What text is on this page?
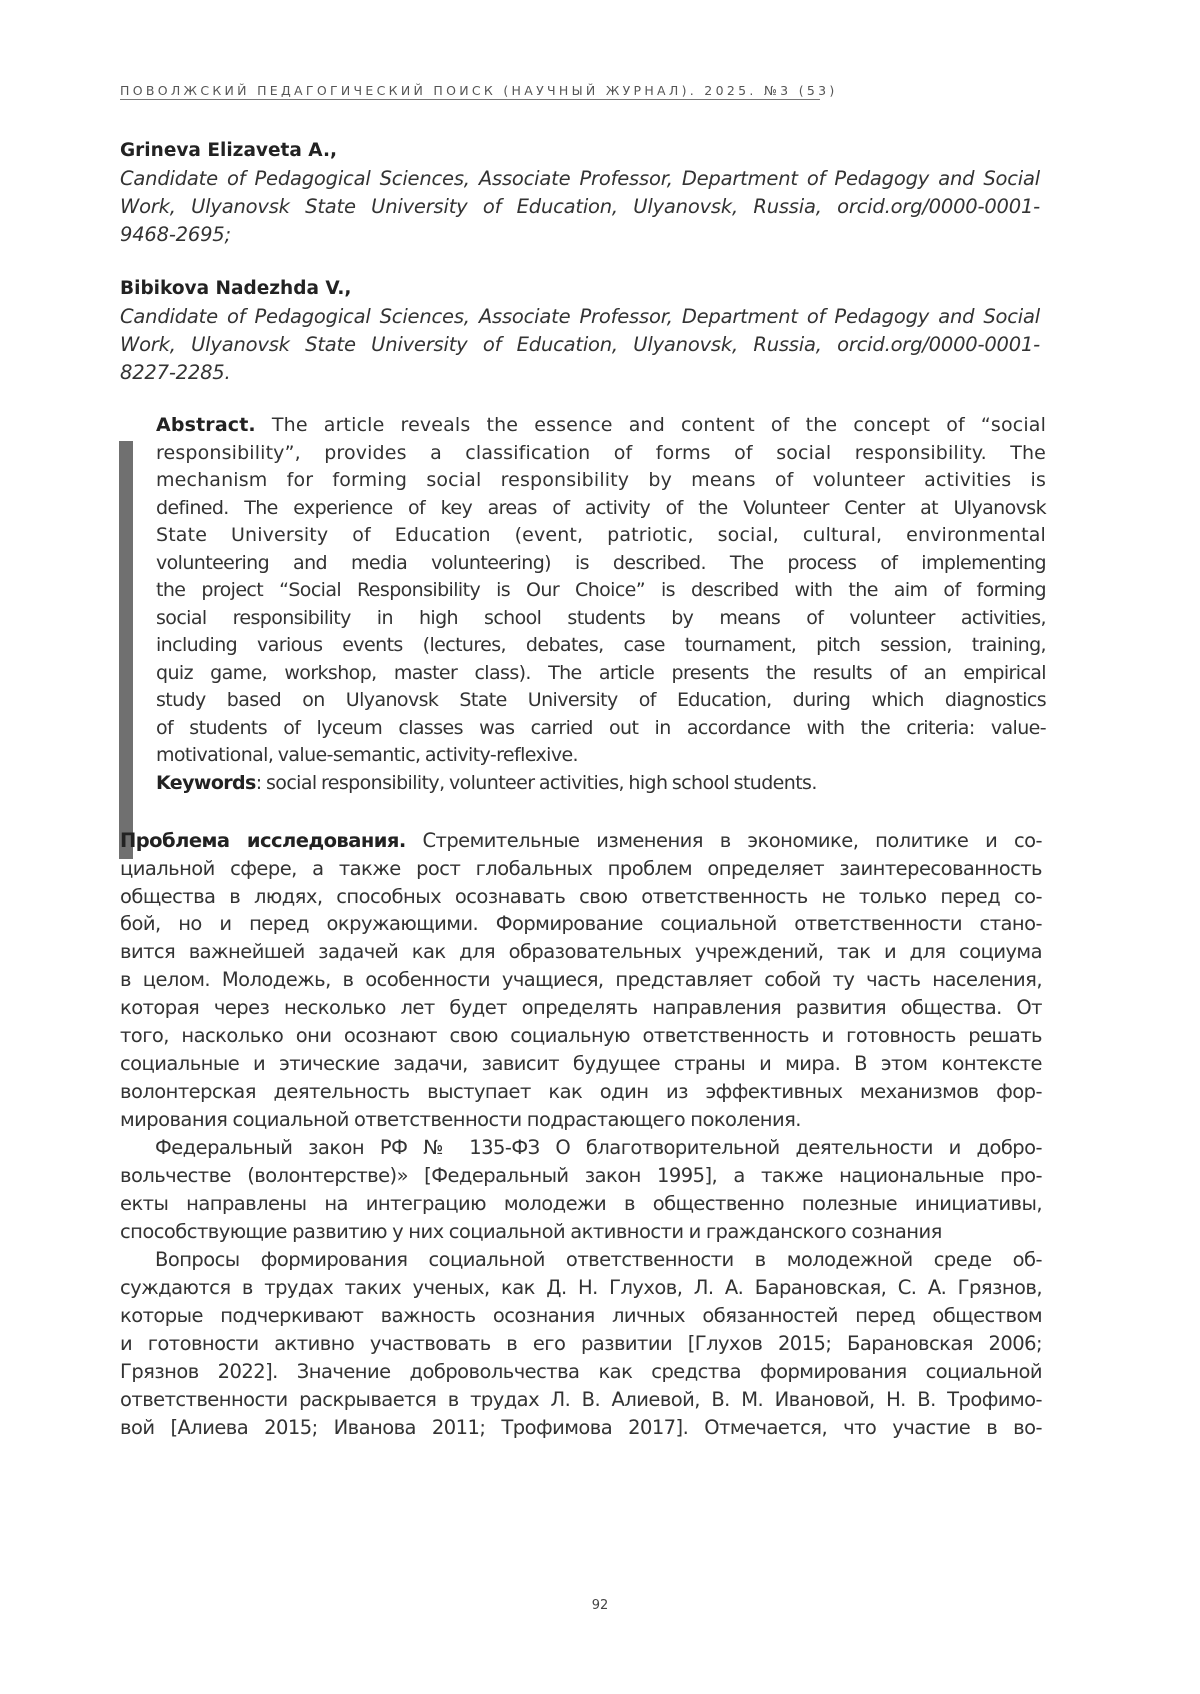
ПОВОЛЖСКИЙ ПЕДАГОГИЧЕСКИЙ ПОИСК (НАУЧНЫЙ ЖУРНАЛ). 2025. №3 (53)
Grineva Elizaveta A.,
Candidate of Pedagogical Sciences, Associate Professor, Department of Pedagogy and Social
Work, Ulyanovsk State University of Education, Ulyanovsk, Russia, orcid.org/0000-0001-
9468-2695;
Bibikova Nadezhda V.,
Candidate of Pedagogical Sciences, Associate Professor, Department of Pedagogy and Social
Work, Ulyanovsk State University of Education, Ulyanovsk, Russia, orcid.org/0000-0001-
8227-2285.
Abstract. The article reveals the essence and content of the concept of “social
responsibility”, provides a classification of forms of social responsibility. The
mechanism for forming social responsibility by means of volunteer activities is
defined. The experience of key areas of activity of the Volunteer Center at Ulyanovsk
State University of Education (event, patriotic, social, cultural, environmental
volunteering and media volunteering) is described. The process of implementing
the project “Social Responsibility is Our Choice” is described with the aim of forming
social responsibility in high school students by means of volunteer activities,
including various events (lectures, debates, case tournament, pitch session, training,
quiz game, workshop, master class). The article presents the results of an empirical
study based on Ulyanovsk State University of Education, during which diagnostics
of students of lyceum classes was carried out in accordance with the criteria: value-
motivational, value-semantic, activity-reflexive.
Keywords: social responsibility, volunteer activities, high school students.
Проблема исследования. Стремительные изменения в экономике, политике и со-
циальной сфере, а также рост глобальных проблем определяет заинтересованность
общества в людях, способных осознавать свою ответственность не только перед со-
бой, но и перед окружающими. Формирование социальной ответственности стано-
вится важнейшей задачей как для образовательных учреждений, так и для социума
в целом. Молодежь, в особенности учащиеся, представляет собой ту часть населения,
которая через несколько лет будет определять направления развития общества. От
того, насколько они осознают свою социальную ответственность и готовность решать
социальные и этические задачи, зависит будущее страны и мира. В этом контексте
волонтерская деятельность выступает как один из эффективных механизмов фор-
мирования социальной ответственности подрастающего поколения.
Федеральный закон РФ № 135-ФЗ О благотворительной деятельности и добро-
вольчестве (волонтерстве)» [Федеральный закон 1995], а также национальные про-
екты направлены на интеграцию молодежи в общественно полезные инициативы,
способствующие развитию у них социальной активности и гражданского сознания
Вопросы формирования социальной ответственности в молодежной среде об-
суждаются в трудах таких ученых, как Д. Н. Глухов, Л. А. Барановская, С. А. Грязнов,
которые подчеркивают важность осознания личных обязанностей перед обществом
и готовности активно участвовать в его развитии [Глухов 2015; Барановская 2006;
Грязнов 2022]. Значение добровольчества как средства формирования социальной
ответственности раскрывается в трудах Л. В. Алиевой, В. М. Ивановой, Н. В. Трофимо-
вой [Алиева 2015; Иванова 2011; Трофимова 2017]. Отмечается, что участие в во-
92
